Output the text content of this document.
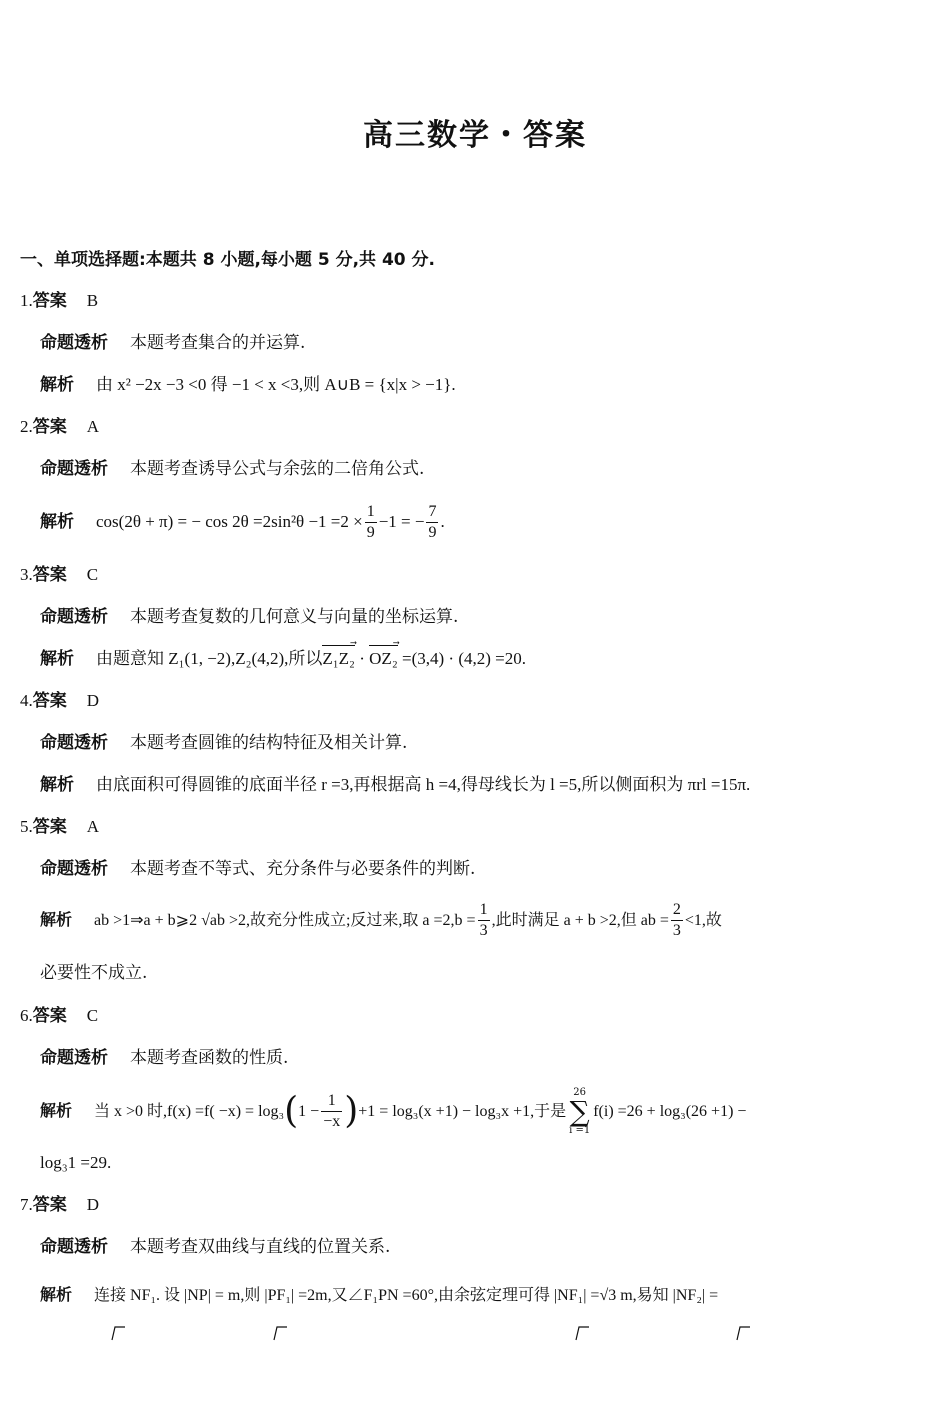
高三数学・答案
一、单项选择题:本题共 8 小题,每小题 5 分,共 40 分.
1.答案 B
命题透析 本题考查集合的并运算.
解析 由 x² −2x −3 <0 得 −1 < x <3,则 A∪B = {x|x > −1}.
2.答案 A
命题透析 本题考查诱导公式与余弦的二倍角公式.
解析 cos(2θ + π) = − $\cos 2\theta =2\sin^2\theta -1 =2 \times \frac{1}{9} -1$ = − $\frac{7}{9}$ .
3.答案 C
命题透析 本题考查复数的几何意义与向量的坐标运算.
解析 由题意知 Z₁(1, −2),Z₂(4,2),所以Z₁Z₂ ⃗ · OZ₂ ⃗ =(3,4) · (4,2) =20.
4.答案 D
命题透析 本题考查圆锥的结构特征及相关计算.
解析 由底面积可得圆锥的底面半径 r =3,再根据高 h =4,得母线长为 l =5,所以侧面积为 πrl =15π.
5.答案 A
命题透析 本题考查不等式、充分条件与必要条件的判断.
解析 ab >1⇒a + b⩾2 √ab >2,故充分性成立;反过来,取 $a =2,b = \frac{1}{3}$ ,此时满足 a + b >2,但 ab = $\frac{2}{3} <1$,故
必要性不成立.
6.答案 C
命题透析 本题考查函数的性质.
解析 当 x >0 时$,f(x) =f( -x) = \log_3(1 - \frac{1}{-x} )+1 = \log_3(x +1) - \log_3x +1$,于是
26
∑
i =1
f(i) =26 + log₃(26 +1) −
log₃1 =29.
7.答案 D
命题透析 本题考查双曲线与直线的位置关系.
解析 连接 NF₁. 设 |NP| = m,则 |PF₁| =2m,又∠F₁PN =60°,由余弦定理可得 |NF₁| =√3 m,易知 |NF₂| =
